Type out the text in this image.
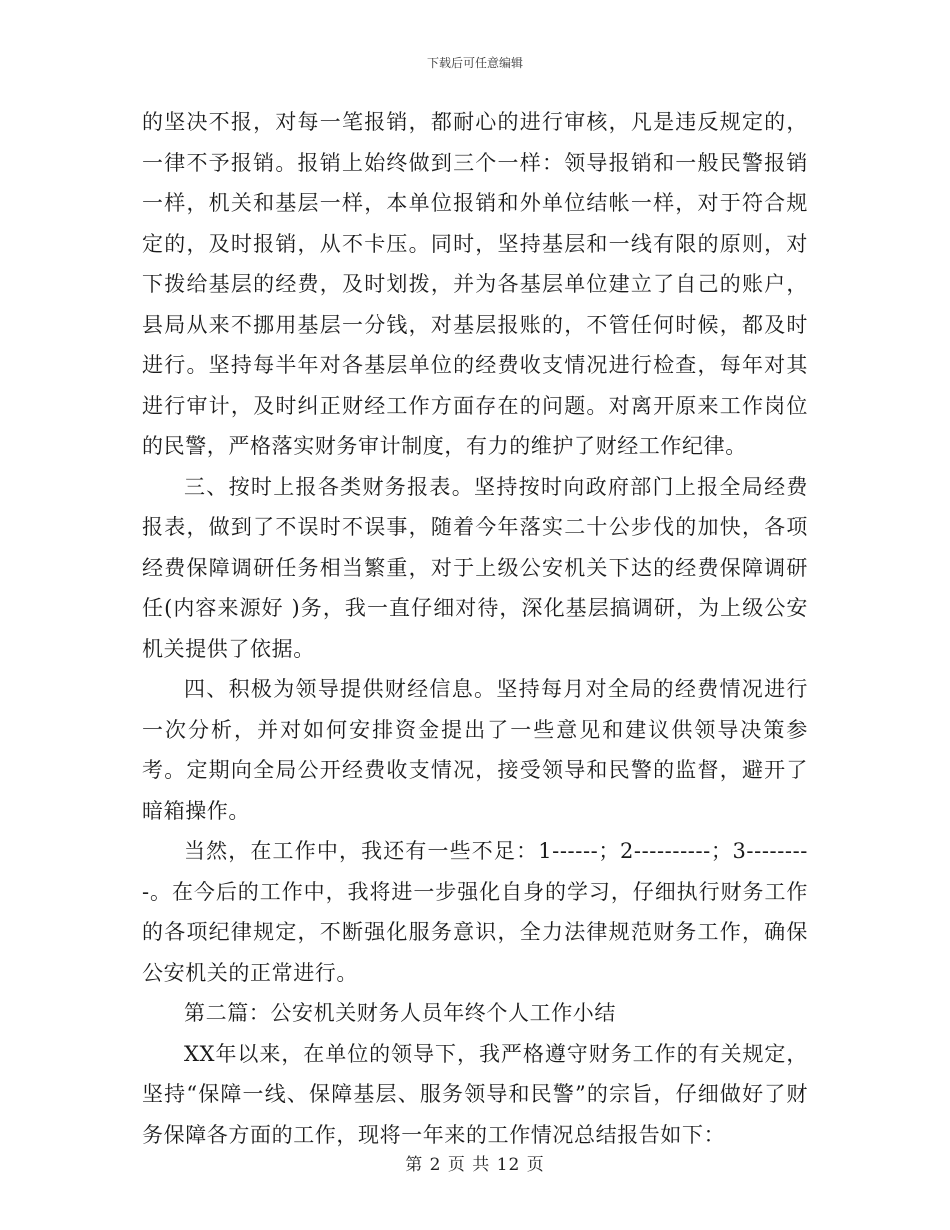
下载后可任意编辑

的坚决不报，对每一笔报销，都耐心的进行审核，凡是违反规定的，一律不予报销。报销上始终做到三个一样：领导报销和一般民警报销一样，机关和基层一样，本单位报销和外单位结帐一样，对于符合规定的，及时报销，从不卡压。同时，坚持基层和一线有限的原则，对下拨给基层的经费，及时划拨，并为各基层单位建立了自己的账户，县局从来不挪用基层一分钱，对基层报账的，不管任何时候，都及时进行。坚持每半年对各基层单位的经费收支情况进行检查，每年对其进行审计，及时纠正财经工作方面存在的问题。对离开原来工作岗位的民警，严格落实财务审计制度，有力的维护了财经工作纪律。

三、按时上报各类财务报表。坚持按时向政府部门上报全局经费报表，做到了不误时不误事，随着今年落实二十公步伐的加快，各项经费保障调研任务相当繁重，对于上级公安机关下达的经费保障调研任(内容来源好 )务，我一直仔细对待，深化基层搞调研，为上级公安机关提供了依据。

四、积极为领导提供财经信息。坚持每月对全局的经费情况进行一次分析，并对如何安排资金提出了一些意见和建议供领导决策参考。定期向全局公开经费收支情况，接受领导和民警的监督，避开了暗箱操作。

当然，在工作中，我还有一些不足：1------；2----------；3---------。在今后的工作中，我将进一步强化自身的学习，仔细执行财务工作的各项纪律规定，不断强化服务意识，全力法律规范财务工作，确保公安机关的正常进行。

第二篇：公安机关财务人员年终个人工作小结

XX年以来，在单位的领导下，我严格遵守财务工作的有关规定，坚持“保障一线、保障基层、服务领导和民警”的宗旨，仔细做好了财务保障各方面的工作，现将一年来的工作情况总结报告如下：

第 2 页 共 12 页
